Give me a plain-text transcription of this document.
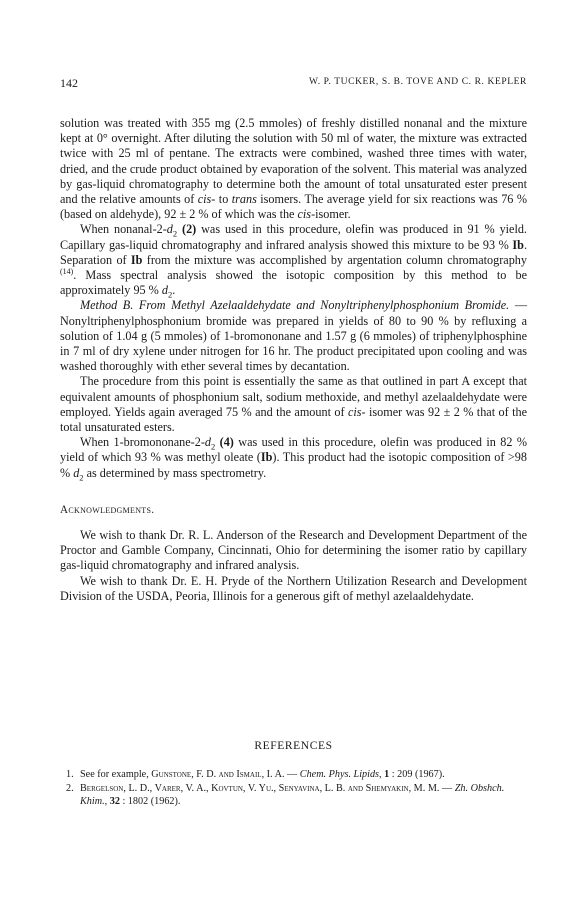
142	W. P. TUCKER, S. B. TOVE AND C. R. KEPLER

solution was treated with 355 mg (2.5 mmoles) of freshly distilled nonanal and the mixture kept at 0° overnight. After diluting the solution with 50 ml of water, the mixture was extracted twice with 25 ml of pentane. The extracts were combined, washed three times with water, dried, and the crude product obtained by evaporation of the solvent. This material was analyzed by gas-liquid chromatography to determine both the amount of total unsaturated ester present and the relative amounts of cis- to trans isomers. The average yield for six reactions was 76 % (based on aldehyde), 92 ± 2 % of which was the cis-isomer.

When nonanal-$2-d_2$ (2) was used in this procedure, olefin was produced in 91 % yield. Capillary gas-liquid chromatography and infrared analysis showed this mixture to be 93 % Ib. Separation of Ib from the mixture was accomplished by argentation column chromatography $^{(14)}$. Mass spectral analysis showed the isotopic composition by this method to be approximately 95 % $d_2$.

Method B. From Methyl Azelaaldehydate and Nonyltriphenylphosphonium Bromide. — Nonyltriphenylphosphonium bromide was prepared in yields of 80 to 90 % by refluxing a solution of 1.04 g (5 mmoles) of 1-bromononane and 1.57 g (6 mmoles) of triphenylphosphine in 7 ml of dry xylene under nitrogen for 16 hr. The product precipitated upon cooling and was washed thoroughly with ether several times by decantation.

The procedure from this point is essentially the same as that outlined in part A except that equivalent amounts of phosphonium salt, sodium methoxide, and methyl azelaaldehydate were employed. Yields again averaged 75 % and the amount of cis- isomer was 92 ± 2 % that of the total unsaturated esters.

When $1-bromononane-2-d_2$ (4) was used in this procedure, olefin was produced in 82 % yield of which 93 % was methyl oleate (Ib). This product had the isotopic composition of >98 % $d_2$ as determined by mass spectrometry.

Acknowledgments.

We wish to thank Dr. R. L. Anderson of the Research and Development Department of the Proctor and Gamble Company, Cincinnati, Ohio for determining the isomer ratio by capillary gas-liquid chromatography and infrared analysis.

We wish to thank Dr. E. H. Pryde of the Northern Utilization Research and Development Division of the USDA, Peoria, Illinois for a generous gift of methyl azelaaldehydate.

REFERENCES

1. See for example, Gunstone, F. D. and Ismail, I. A. — Chem. Phys. Lipids, 1 : 209 (1967).

2. Bergelson, L. D., Varer, V. A., Kovtun, V. Yu., Senyavina, L. B. and Shemyakin, M. M. — Zh. Obshch. Khim., 32 : 1802 (1962).
